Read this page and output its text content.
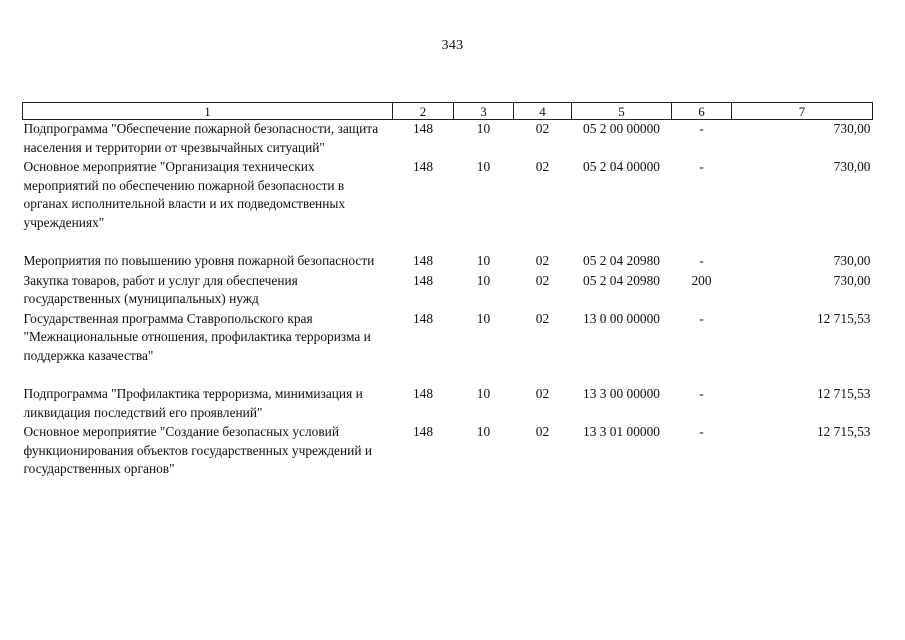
343
1	2	3	4	5	6	7
Подпрограмма "Обеспечение пожарной безопасности, защита населения и территории от чрезвычайных ситуаций"	148	10	02	05 2 00 00000	-	730,00
Основное мероприятие "Организация технических мероприятий по обеспечению пожарной безопасности в органах исполнительной власти и их подведомственных учреждениях"	148	10	02	05 2 04 00000	-	730,00
Мероприятия по повышению уровня пожарной безопасности	148	10	02	05 2 04 20980	-	730,00
Закупка товаров, работ и услуг для обеспечения государственных (муниципальных) нужд	148	10	02	05 2 04 20980	200	730,00
Государственная программа Ставропольского края "Межнациональные отношения, профилактика терроризма и поддержка казачества"	148	10	02	13 0 00 00000	-	12 715,53
Подпрограмма "Профилактика терроризма, минимизация и ликвидация последствий его проявлений"	148	10	02	13 3 00 00000	-	12 715,53
Основное мероприятие "Создание безопасных условий функционирования объектов государственных учреждений и государственных органов"	148	10	02	13 3 01 00000	-	12 715,53
